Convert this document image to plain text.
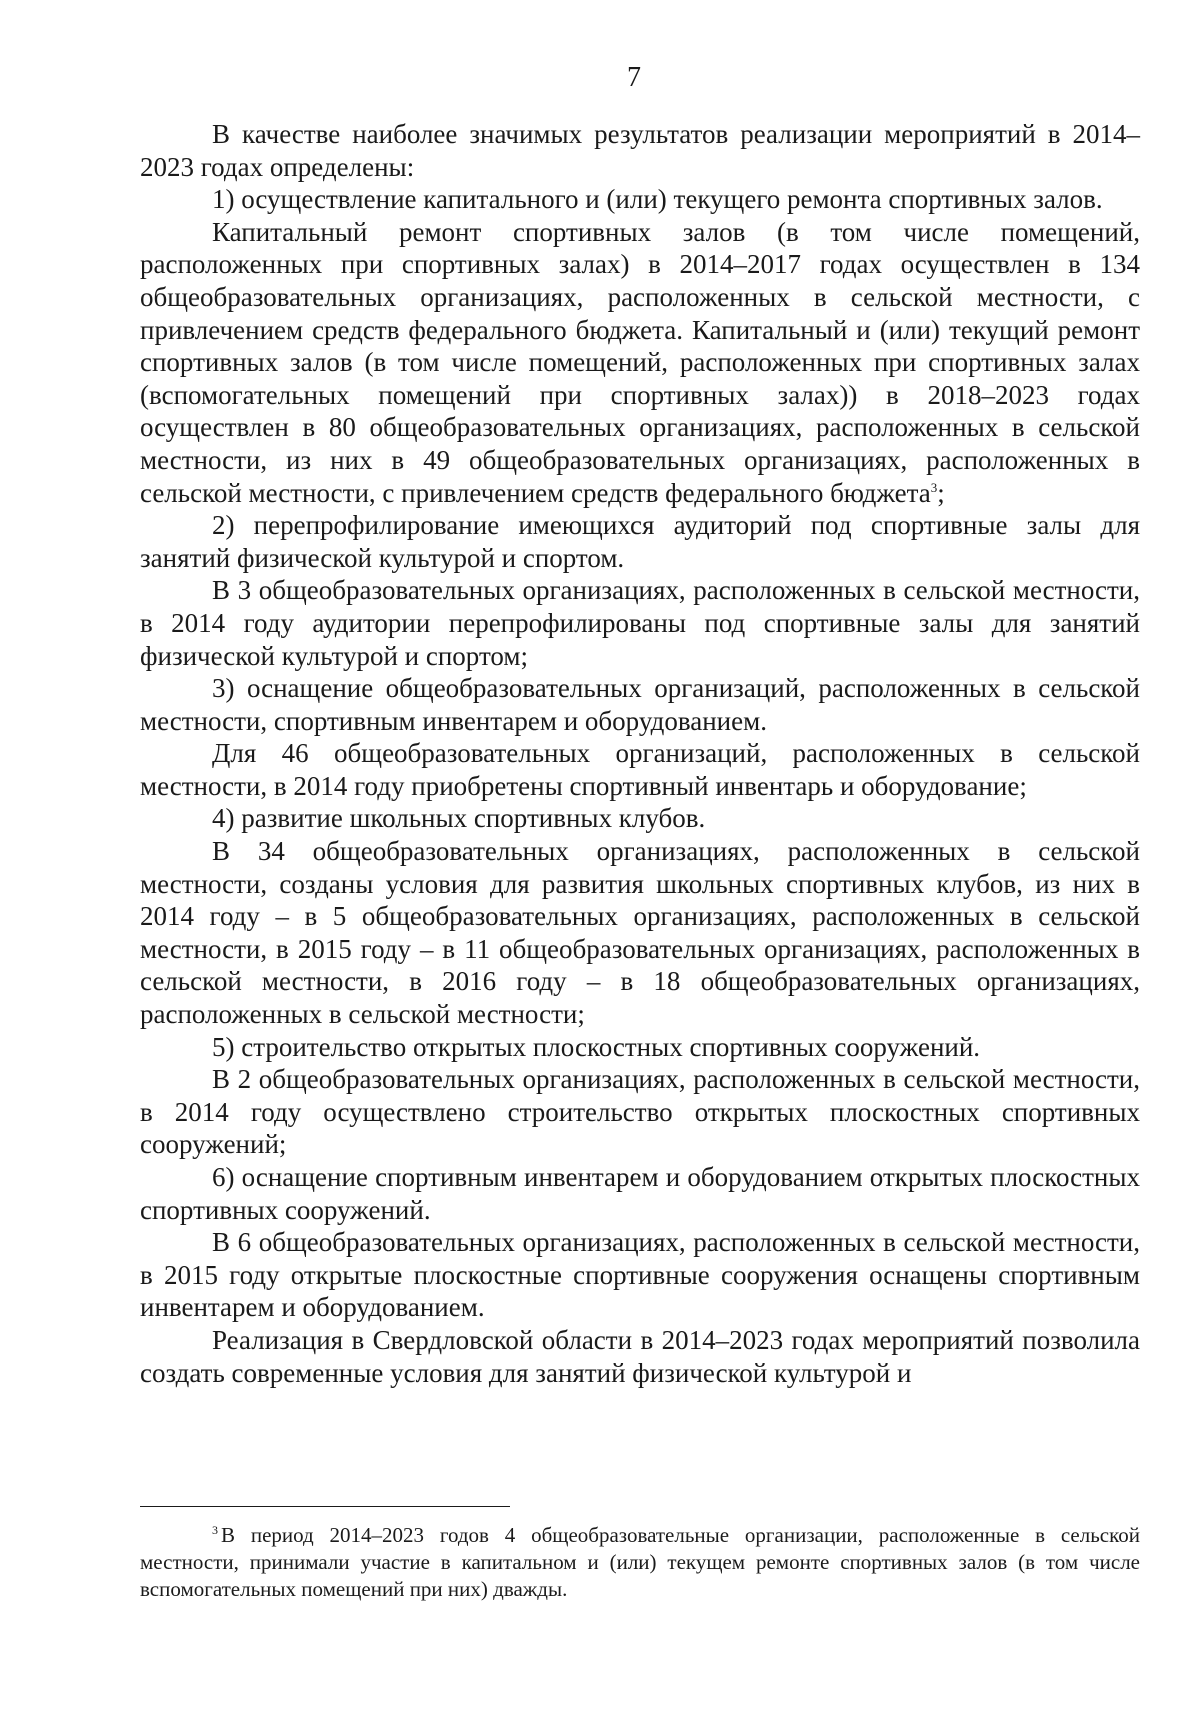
7

В качестве наиболее значимых результатов реализации мероприятий в 2014–2023 годах определены:

1) осуществление капитального и (или) текущего ремонта спортивных залов.

Капитальный ремонт спортивных залов (в том числе помещений, расположенных при спортивных залах) в 2014–2017 годах осуществлен в 134 общеобразовательных организациях, расположенных в сельской местности, с привлечением средств федерального бюджета. Капитальный и (или) текущий ремонт спортивных залов (в том числе помещений, расположенных при спортивных залах (вспомогательных помещений при спортивных залах)) в 2018–2023 годах осуществлен в 80 общеобразовательных организациях, расположенных в сельской местности, из них в 49 общеобразовательных организациях, расположенных в сельской местности, с привлечением средств федерального бюджета$^3$;

2) перепрофилирование имеющихся аудиторий под спортивные залы для занятий физической культурой и спортом.

В 3 общеобразовательных организациях, расположенных в сельской местности, в 2014 году аудитории перепрофилированы под спортивные залы для занятий физической культурой и спортом;

3) оснащение общеобразовательных организаций, расположенных в сельской местности, спортивным инвентарем и оборудованием.

Для 46 общеобразовательных организаций, расположенных в сельской местности, в 2014 году приобретены спортивный инвентарь и оборудование;

4) развитие школьных спортивных клубов.

В 34 общеобразовательных организациях, расположенных в сельской местности, созданы условия для развития школьных спортивных клубов, из них в 2014 году – в 5 общеобразовательных организациях, расположенных в сельской местности, в 2015 году – в 11 общеобразовательных организациях, расположенных в сельской местности, в 2016 году – в 18 общеобразовательных организациях, расположенных в сельской местности;

5) строительство открытых плоскостных спортивных сооружений.

В 2 общеобразовательных организациях, расположенных в сельской местности, в 2014 году осуществлено строительство открытых плоскостных спортивных сооружений;

6) оснащение спортивным инвентарем и оборудованием открытых плоскостных спортивных сооружений.

В 6 общеобразовательных организациях, расположенных в сельской местности, в 2015 году открытые плоскостные спортивные сооружения оснащены спортивным инвентарем и оборудованием.

Реализация в Свердловской области в 2014–2023 годах мероприятий позволила создать современные условия для занятий физической культурой и

$^3$ В период 2014–2023 годов 4 общеобразовательные организации, расположенные в сельской местности, принимали участие в капитальном и (или) текущем ремонте спортивных залов (в том числе вспомогательных помещений при них) дважды.
